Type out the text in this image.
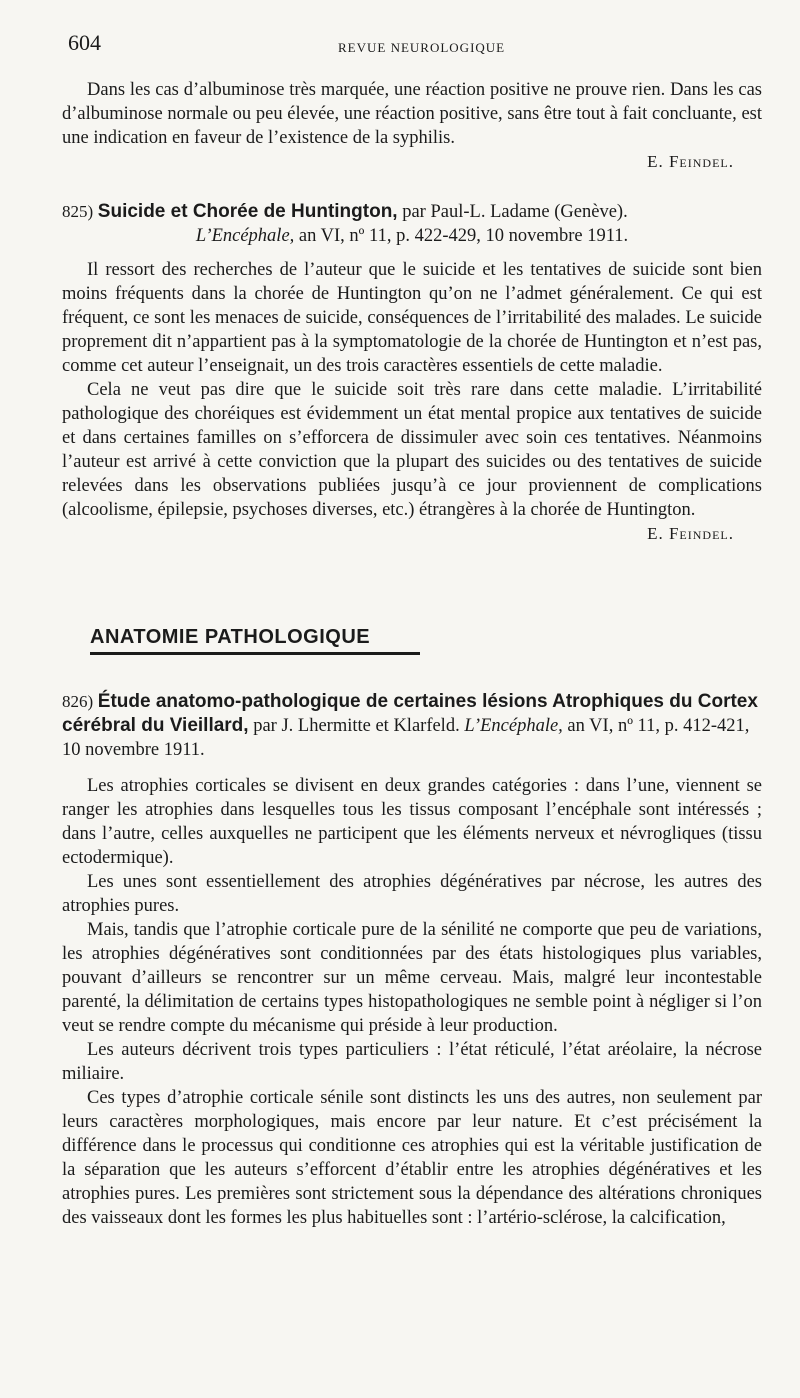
604	REVUE NEUROLOGIQUE

Dans les cas d’albuminose très marquée, une réaction positive ne prouve rien. Dans les cas d’albuminose normale ou peu élevée, une réaction positive, sans être tout à fait concluante, est une indication en faveur de l’existence de la syphilis.

E. Feindel.
825) Suicide et Chorée de Huntington, par Paul-L. Ladame (Genève).
L’Encéphale, an VI, nº 11, p. 422-429, 10 novembre 1911.

Il ressort des recherches de l’auteur que le suicide et les tentatives de suicide sont bien moins fréquents dans la chorée de Huntington qu’on ne l’admet généralement. Ce qui est fréquent, ce sont les menaces de suicide, conséquences de l’irritabilité des malades. Le suicide proprement dit n’appartient pas à la symptomatologie de la chorée de Huntington et n’est pas, comme cet auteur l’enseignait, un des trois caractères essentiels de cette maladie.

Cela ne veut pas dire que le suicide soit très rare dans cette maladie. L’irritabilité pathologique des choréiques est évidemment un état mental propice aux tentatives de suicide et dans certaines familles on s’efforcera de dissimuler avec soin ces tentatives. Néanmoins l’auteur est arrivé à cette conviction que la plupart des suicides ou des tentatives de suicide relevées dans les observations publiées jusqu’à ce jour proviennent de complications (alcoolisme, épilepsie, psychoses diverses, etc.) étrangères à la chorée de Huntington.

E. Feindel.
ANATOMIE PATHOLOGIQUE
826) Étude anatomo-pathologique de certaines lésions Atrophiques du Cortex cérébral du Vieillard, par J. Lhermitte et Klarfeld. L’Encéphale, an VI, nº 11, p. 412-421, 10 novembre 1911.

Les atrophies corticales se divisent en deux grandes catégories : dans l’une, viennent se ranger les atrophies dans lesquelles tous les tissus composant l’encéphale sont intéressés ; dans l’autre, celles auxquelles ne participent que les éléments nerveux et névrogliques (tissu ectodermique).

Les unes sont essentiellement des atrophies dégénératives par nécrose, les autres des atrophies pures.

Mais, tandis que l’atrophie corticale pure de la sénilité ne comporte que peu de variations, les atrophies dégénératives sont conditionnées par des états histologiques plus variables, pouvant d’ailleurs se rencontrer sur un même cerveau. Mais, malgré leur incontestable parenté, la délimitation de certains types histopathologiques ne semble point à négliger si l’on veut se rendre compte du mécanisme qui préside à leur production.

Les auteurs décrivent trois types particuliers : l’état réticulé, l’état aréolaire, la nécrose miliaire.

Ces types d’atrophie corticale sénile sont distincts les uns des autres, non seulement par leurs caractères morphologiques, mais encore par leur nature. Et c’est précisément la différence dans le processus qui conditionne ces atrophies qui est la véritable justification de la séparation que les auteurs s’efforcent d’établir entre les atrophies dégénératives et les atrophies pures. Les premières sont strictement sous la dépendance des altérations chroniques des vaisseaux dont les formes les plus habituelles sont : l’artério-sclérose, la calcification,
